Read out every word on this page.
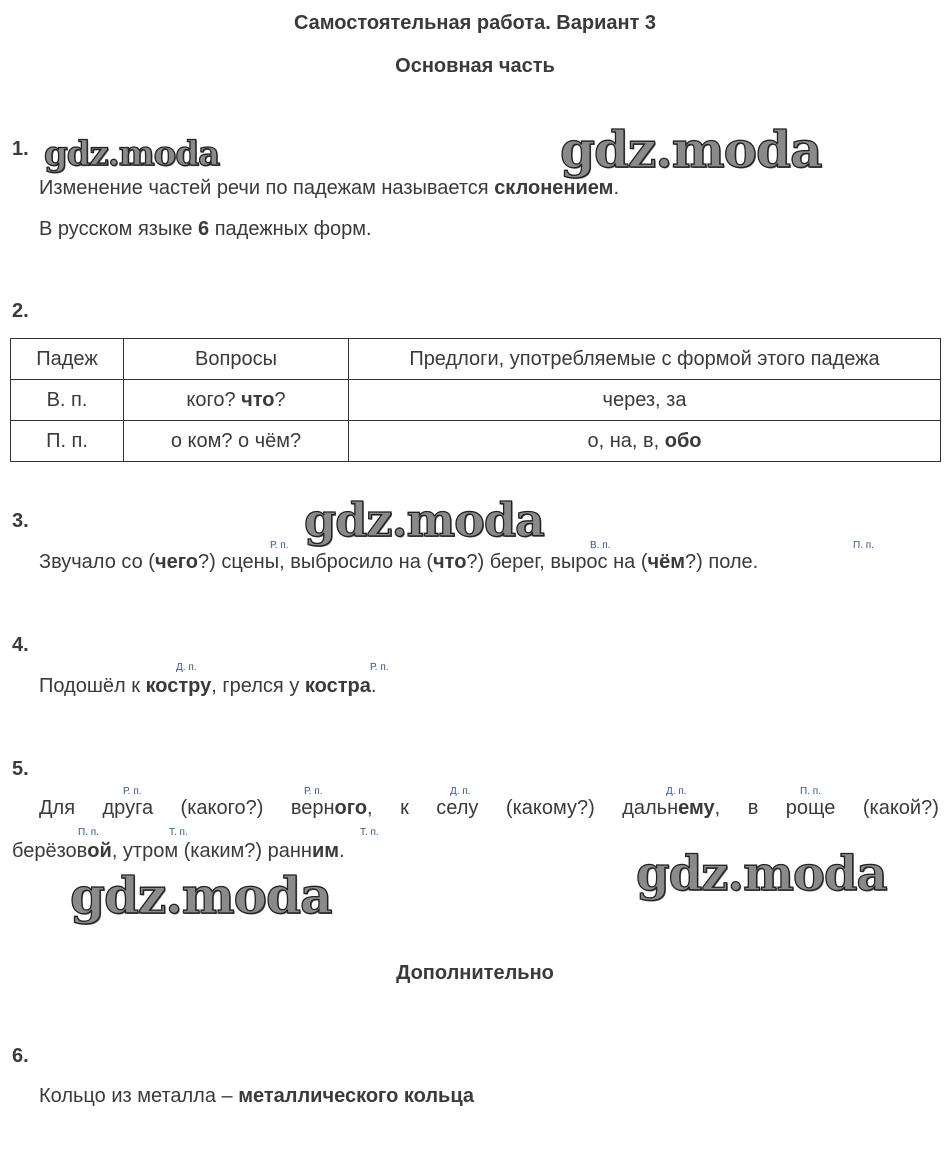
Самостоятельная работа. Вариант 3
Основная часть
gdz.moda	gdz.moda
gdz.moda
gdz.moda	gdz.moda
1.
Изменение частей речи по падежам называется склонением.
В русском языке 6 падежных форм.
2.
Падеж	Вопросы	Предлоги, употребляемые с формой этого падежа
В. п.	кого? что?	через, за
П. п.	о ком? о чём?	о, на, в, обо
3.
Р. п.	В. п.	П. п.
Звучало со (чего?) сцены, выбросило на (что?) берег, вырос на (чём?) поле.
4.
Д. п.	Р. п.
Подошёл к костру, грелся у костра.
5.
Р. п.	Р. п.	Д. п.	Д. п.	П. п.
Для друга (какого?) верного, к селу (какому?) дальнему, в роще (какой?)
П. п.	Т. п.	Т. п.
берёзовой, утром (каким?) ранним.
Дополнительно
6.
Кольцо из металла – металлического кольца
